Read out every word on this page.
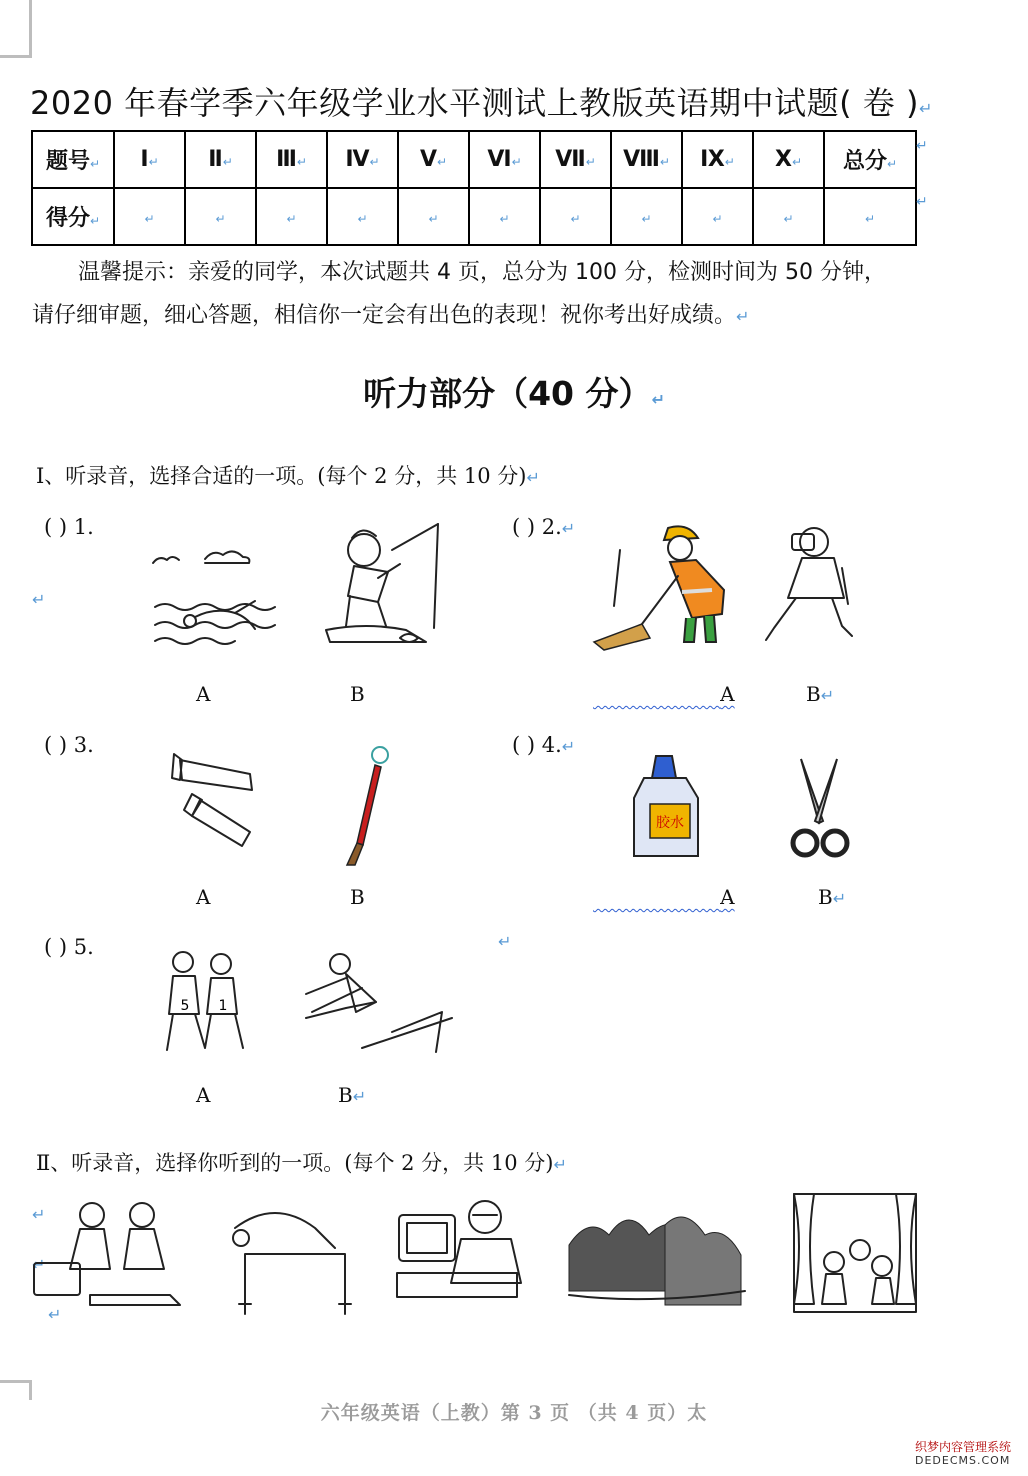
2020 年春学季六年级学业水平测试上教版英语期中试题( 卷 )↵
题号↵	Ⅰ↵	Ⅱ↵	Ⅲ↵	Ⅳ↵	Ⅴ↵	Ⅵ↵	Ⅶ↵	Ⅷ↵	Ⅸ↵	Ⅹ↵	总分↵
得分↵	↵	↵	↵	↵	↵	↵	↵	↵	↵	↵	↵
↵
↵
温馨提示：亲爱的同学，本次试题共 4 页，总分为 100 分，检测时间为 50 分钟，
请仔细审题，细心答题，相信你一定会有出色的表现！祝你考出好成绩。↵
听力部分（40 分）↵
Ⅰ、听录音，选择合适的一项。(每个 2 分，共 10 分)↵
( ) 1.
↵
A	B
( ) 2.↵
A	B↵
( ) 3.
A	B
( ) 4.↵
胶水
A	B↵
( ) 5.	↵
5 1
A	B↵
Ⅱ、听录音，选择你听到的一项。(每个 2 分，共 10 分)↵
↵
↵
↵
六年级英语（上教）第 3 页 （共 4 页）太
织梦内容管理系统
DEDECMS.COM
